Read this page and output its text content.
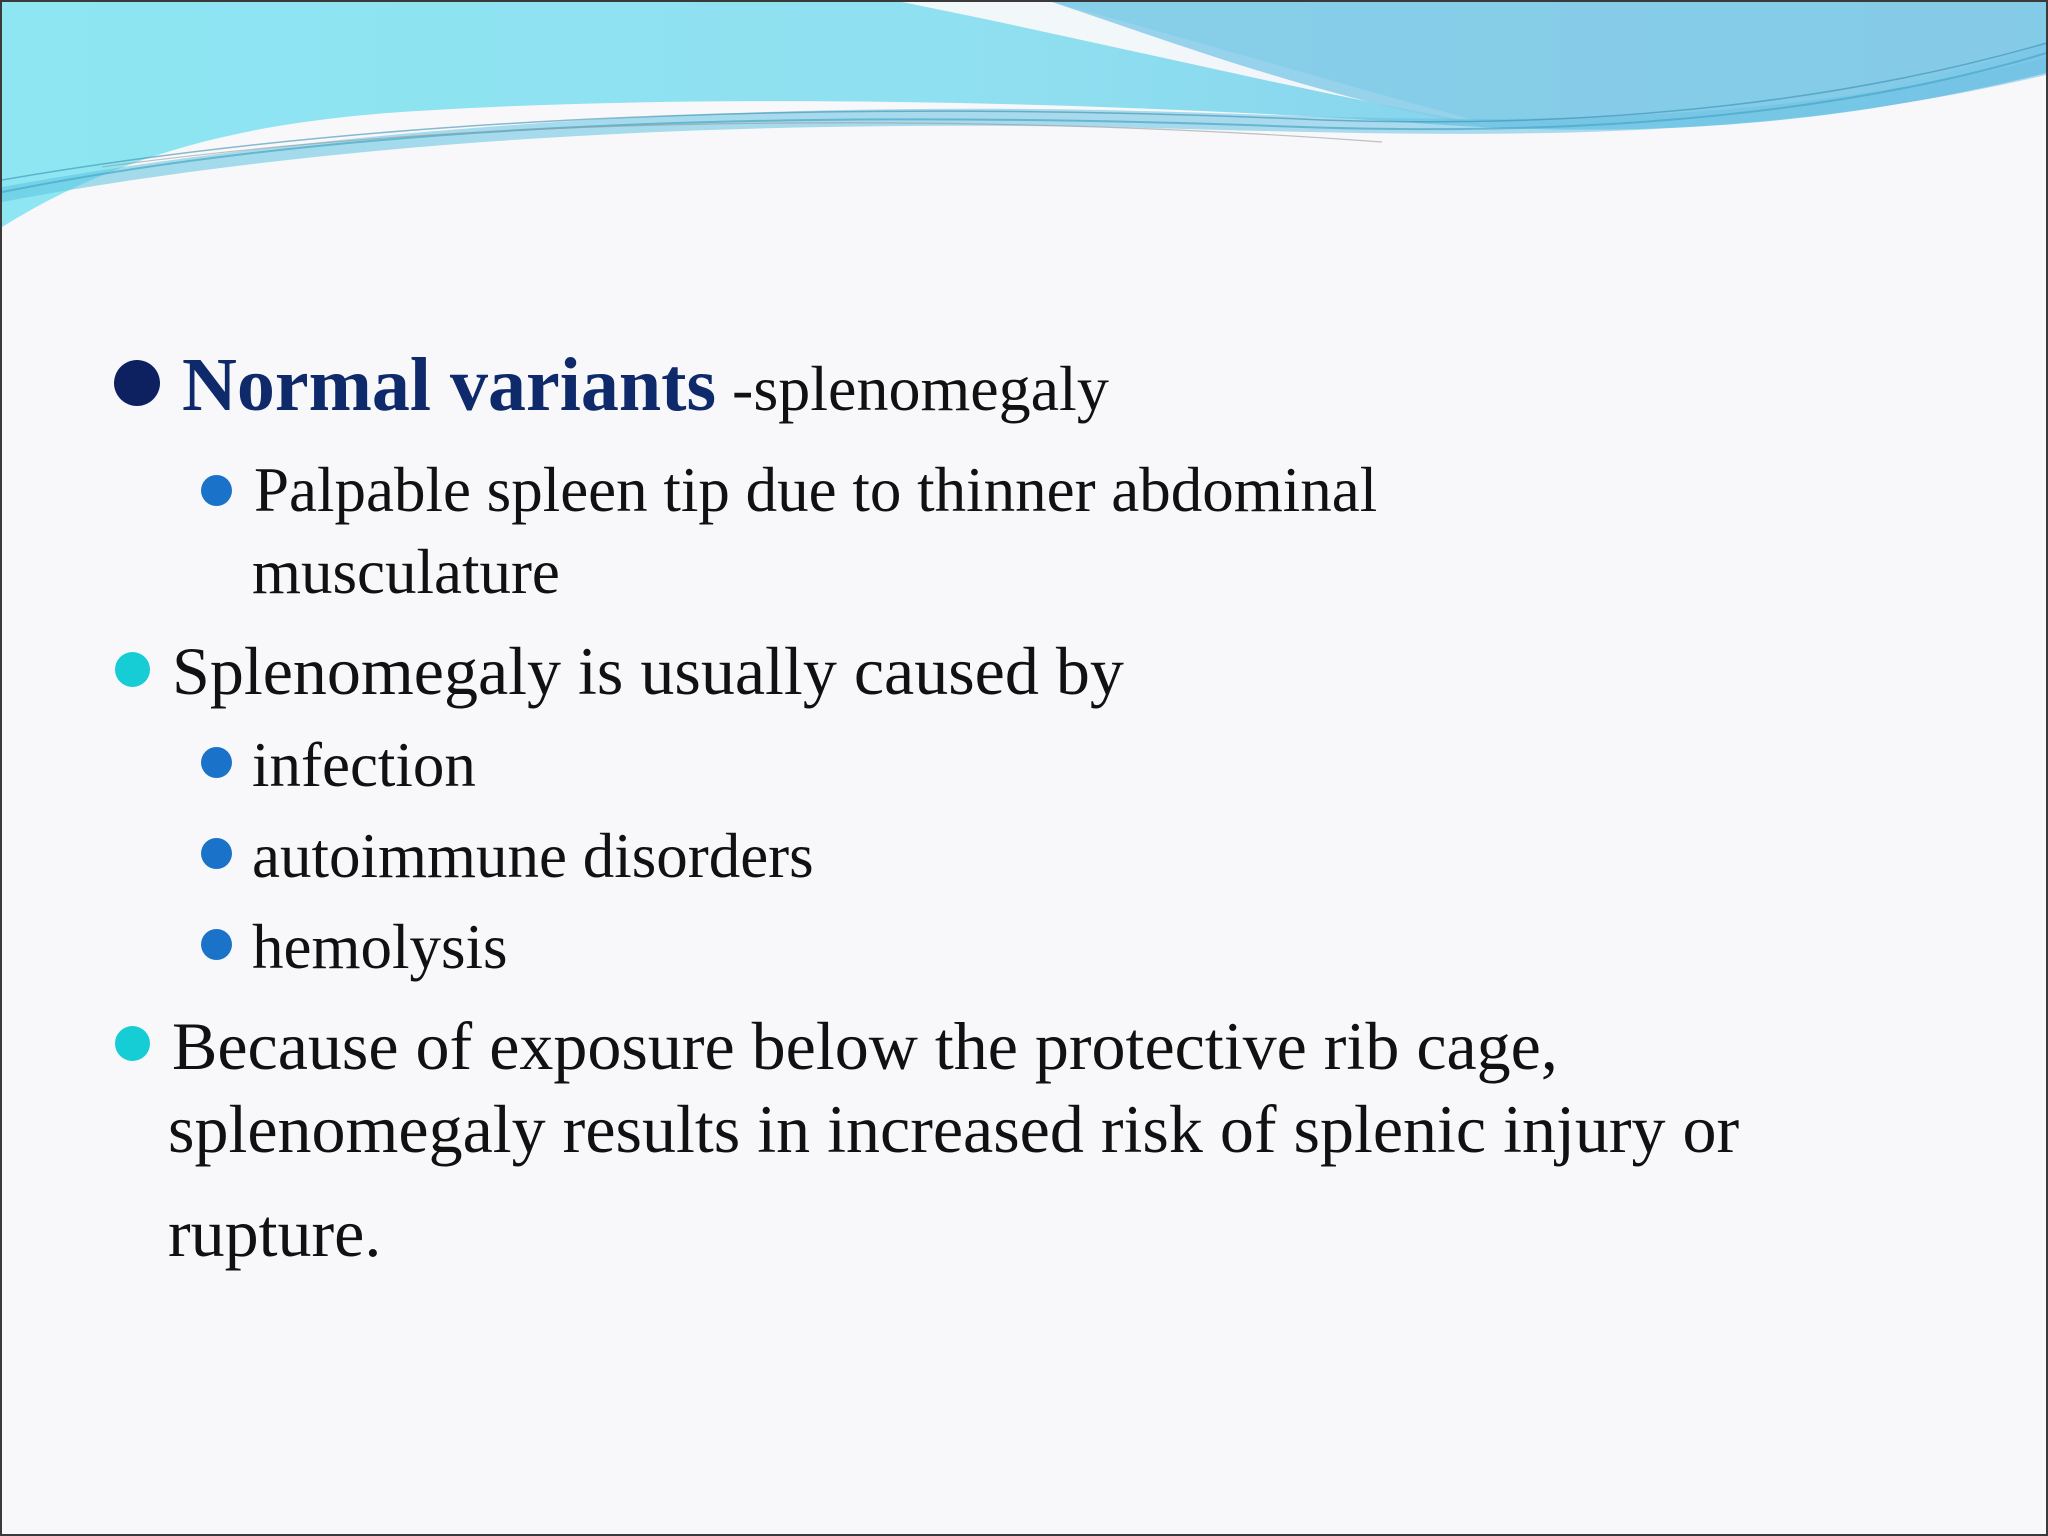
Normal variants -splenomegaly
Palpable spleen tip due to thinner abdominal
musculature
Splenomegaly is usually caused by
infection
autoimmune disorders
hemolysis
Because of exposure below the protective rib cage,
splenomegaly results in increased risk of splenic injury or
rupture.
